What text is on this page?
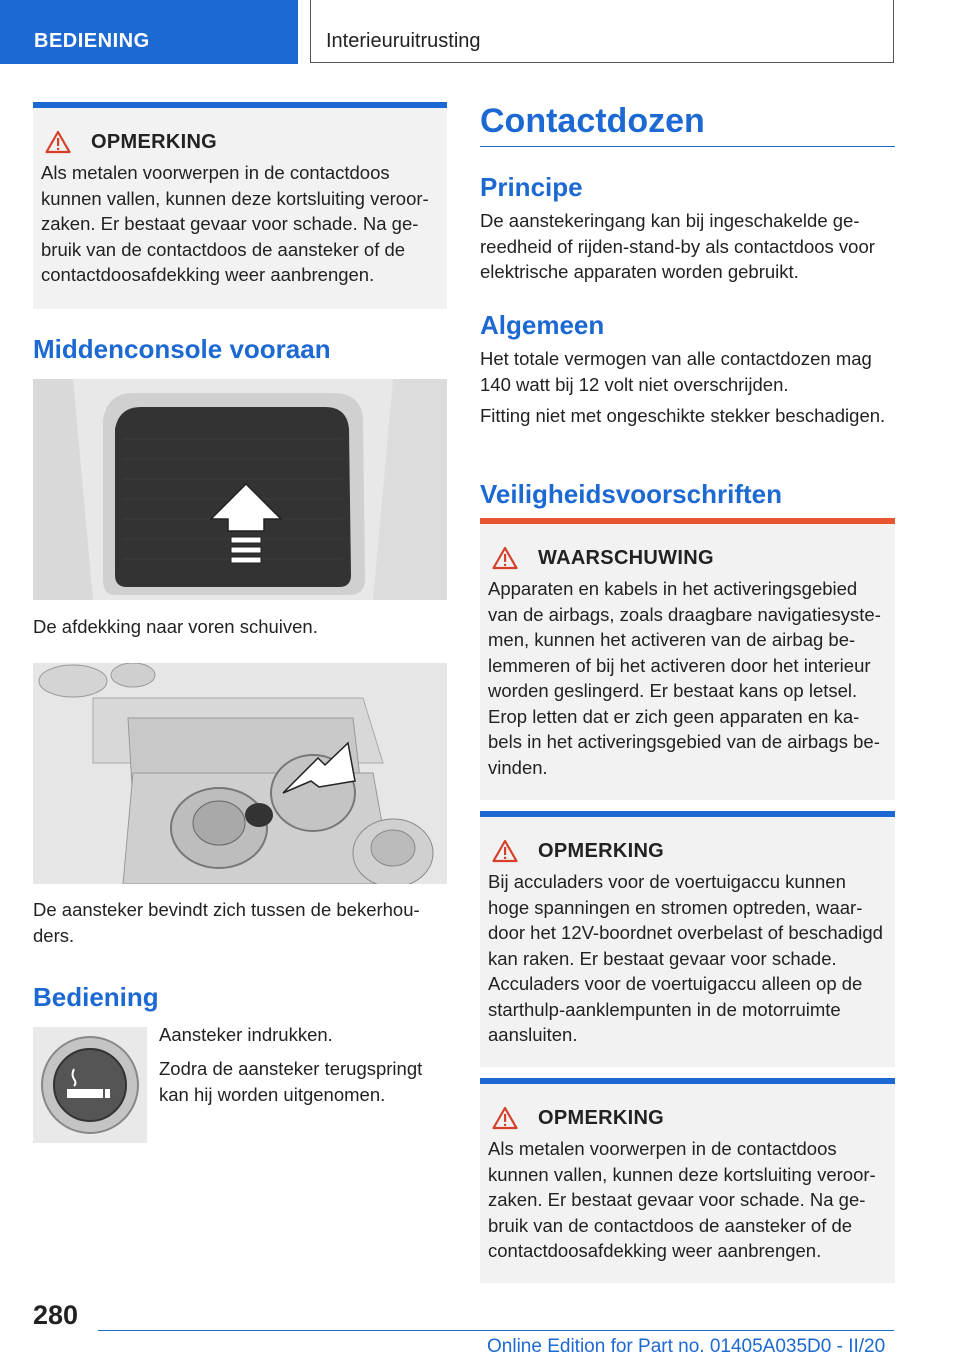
BEDIENING	Interieuruitrusting
OPMERKING
Als metalen voorwerpen in de contactdoos kunnen vallen, kunnen deze kortsluiting veroorzaken. Er bestaat gevaar voor schade. Na gebruik van de contactdoos de aansteker of de contactdoosafdekking weer aanbrengen.
Middenconsole vooraan
De afdekking naar voren schuiven.
De aansteker bevindt zich tussen de bekerhouders.
Bediening
Aansteker indrukken.
Zodra de aansteker terugspringt kan hij worden uitgenomen.
Contactdozen
Principe
De aanstekeringang kan bij ingeschakelde gereedheid of rijden-stand-by als contactdoos voor elektrische apparaten worden gebruikt.
Algemeen
Het totale vermogen van alle contactdozen mag 140 watt bij 12 volt niet overschrijden.
Fitting niet met ongeschikte stekker beschadigen.
Veiligheidsvoorschriften
WAARSCHUWING
Apparaten en kabels in het activeringsgebied van de airbags, zoals draagbare navigatiesystemen, kunnen het activeren van de airbag belemmeren of bij het activeren door het interieur worden geslingerd. Er bestaat kans op letsel. Erop letten dat er zich geen apparaten en kabels in het activeringsgebied van de airbags bevinden.
OPMERKING
Bij acculaders voor de voertuigaccu kunnen hoge spanningen en stromen optreden, waardoor het 12V-boordnet overbelast of beschadigd kan raken. Er bestaat gevaar voor schade. Acculaders voor de voertuigaccu alleen op de starthulp-aanklempunten in de motorruimte aansluiten.
OPMERKING
Als metalen voorwerpen in de contactdoos kunnen vallen, kunnen deze kortsluiting veroorzaken. Er bestaat gevaar voor schade. Na gebruik van de contactdoos de aansteker of de contactdoosafdekking weer aanbrengen.
280
Online Edition for Part no. 01405A035D0 - II/20
